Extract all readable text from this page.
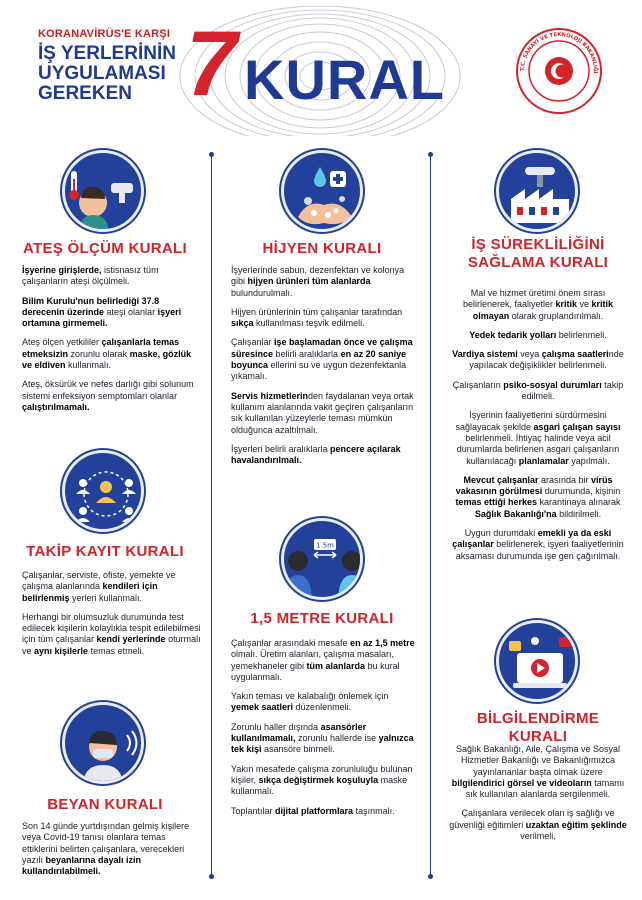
KORANAVİRÜS'E KARŞI
İŞ YERLERİNİN
UYGULAMASI
GEREKEN 7 KURAL	T.C. SANAYİ VE TEKNOLOJİ BAKANLIĞI
ATEŞ ÖLÇÜM KURALI

İşyerine girişlerde, istisnasız tüm çalışanların ateşi ölçülmeli.

Bilim Kurulu'nun belirlediği 37.8 derecenin üzerinde ateşi olanlar işyeri ortamına girmemeli.

Ateş ölçen yetkililer çalışanlarla temas etmeksizin zorunlu olarak maske, gözlük ve eldiven kullanmalı.

Ateş, öksürük ve nefes darlığı gibi solunum sistemi enfeksiyon semptomları olanlar çalıştırılmamalı.

TAKİP KAYIT KURALI

Çalışanlar, serviste, ofiste, yemekte ve çalışma alanlarında kendileri için belirlenmiş yerleri kullanmalı.

Herhangi bir olumsuzluk durumunda test edilecek kişilerin kolaylıkla tespit edilebilmesi için tüm çalışanlar kendi yerlerinde oturmalı ve aynı kişilerle temas etmeli.

BEYAN KURALI

Son 14 günde yurtdışından gelmiş kişilere veya Covid-19 tanısı olanlara temas ettiklerini belirten çalışanlara, verecekleri yazılı beyanlarına dayalı izin kullandırılabilmeli.

HİJYEN KURALI

İşyerlerinde sabun, dezenfektan ve kolonya gibi hijyen ürünleri tüm alanlarda bulundurulmalı.

Hijyen ürünlerinin tüm çalışanlar tarafından sıkça kullanılması teşvik edilmeli.

Çalışanlar işe başlamadan önce ve çalışma süresince belirli aralıklarla en az 20 saniye boyunca ellerini su ve uygun dezenfektanla yıkamalı.

Servis hizmetlerinden faydalanan veya ortak kullanım alanlarında vakit geçiren çalışanların sık kullanılan yüzeylerle teması mümkün olduğunca azaltılmalı.

İşyerleri belirli aralıklarla pencere açılarak havalandırılmalı.

1.5m
1,5 METRE KURALI

Çalışanlar arasındaki mesafe en az 1,5 metre olmalı. Üretim alanları, çalışma masaları, yemekhaneler gibi tüm alanlarda bu kural uygulanmalı.

Yakın teması ve kalabalığı önlemek için yemek saatleri düzenlenmeli.

Zorunlu haller dışında asansörler kullanılmamalı, zorunlu hallerde ise yalnızca tek kişi asansöre binmeli.

Yakın mesafede çalışma zorunluluğu bulunan kişiler, sıkça değiştirmek koşuluyla maske kullanmalı.

Toplantılar dijital platformlara taşınmalı.

İŞ SÜREKLİLİĞİNİ
SAĞLAMA KURALI

Mal ve hizmet üretimi önem sırası belirlenerek, faaliyetler kritik ve kritik olmayan olarak gruplandırılmalı.

Yedek tedarik yolları belirlenmeli.

Vardiya sistemi veya çalışma saatlerinde yapılacak değişiklikler belirlenmeli.

Çalışanların psiko-sosyal durumları takip edilmeli.

İşyerinin faaliyetlerini sürdürmesini sağlayacak şekilde asgari çalışan sayısı belirlenmeli. İhtiyaç halinde veya acil durumlarda belirlenen asgari çalışanların kullanılacağı planlamalar yapılmalı.

Mevcut çalışanlar arasında bir virüs vakasının görülmesi durumunda, kişinin temas ettiği herkes karantinaya alınarak Sağlık Bakanlığı'na bildirilmeli.

Uygun durumdaki emekli ya da eski çalışanlar belirlenerek, işyeri faaliyetlerinin aksaması durumunda işe geri çağırılmalı.

BİLGİLENDİRME KURALI

Sağlık Bakanlığı, Aile, Çalışma ve Sosyal Hizmetler Bakanlığı ve Bakanlığımızca yayınlananlar başta olmak üzere bilgilendirici görsel ve videoların tamamı sık kullanılan alanlarda sergilenmeli.

Çalışanlara verilecek olan iş sağlığı ve güvenliği eğitimleri uzaktan eğitim şeklinde verilmeli.
